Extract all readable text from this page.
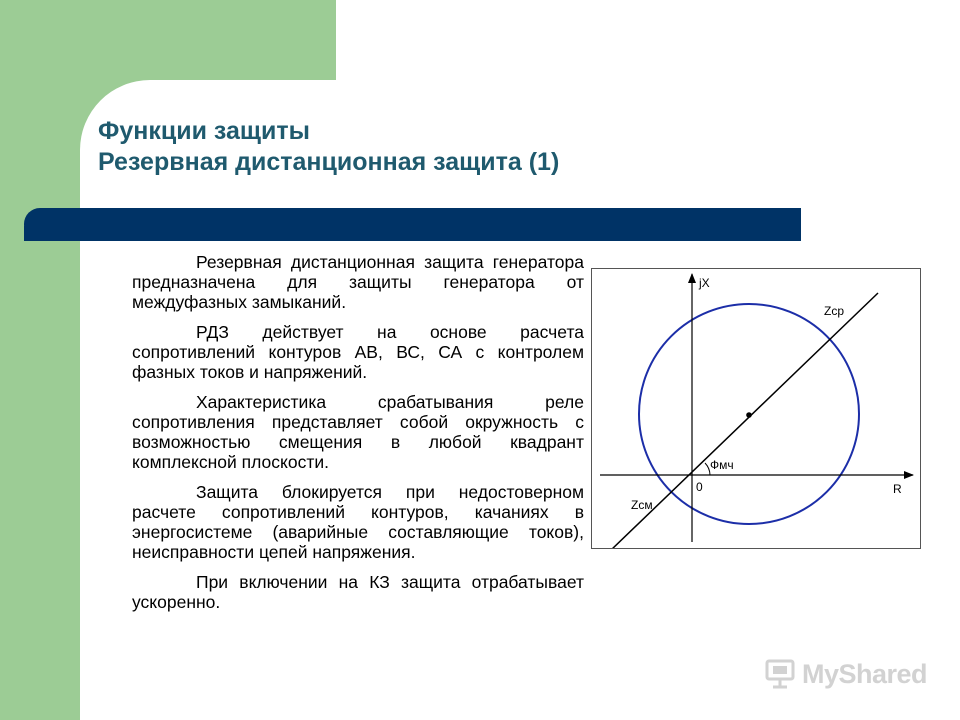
Функции защиты
Резервная дистанционная защита (1)

Резервная дистанционная защита генератора предназначена для защиты генератора от междуфазных замыканий.

РДЗ действует на основе расчета сопротивлений контуров АВ, ВС, СА с контролем фазных токов и напряжений.

Характеристика срабатывания реле сопротивления представляет собой окружность с возможностью смещения в любой квадрант комплексной плоскости.

Защита блокируется при недостоверном расчете сопротивлений контуров, качаниях в энергосистеме (аварийные составляющие токов), неисправности цепей напряжения.

При включении на КЗ защита отрабатывает ускоренно.

jX
Zср
Фмч
0	R
Zсм
MyShared
